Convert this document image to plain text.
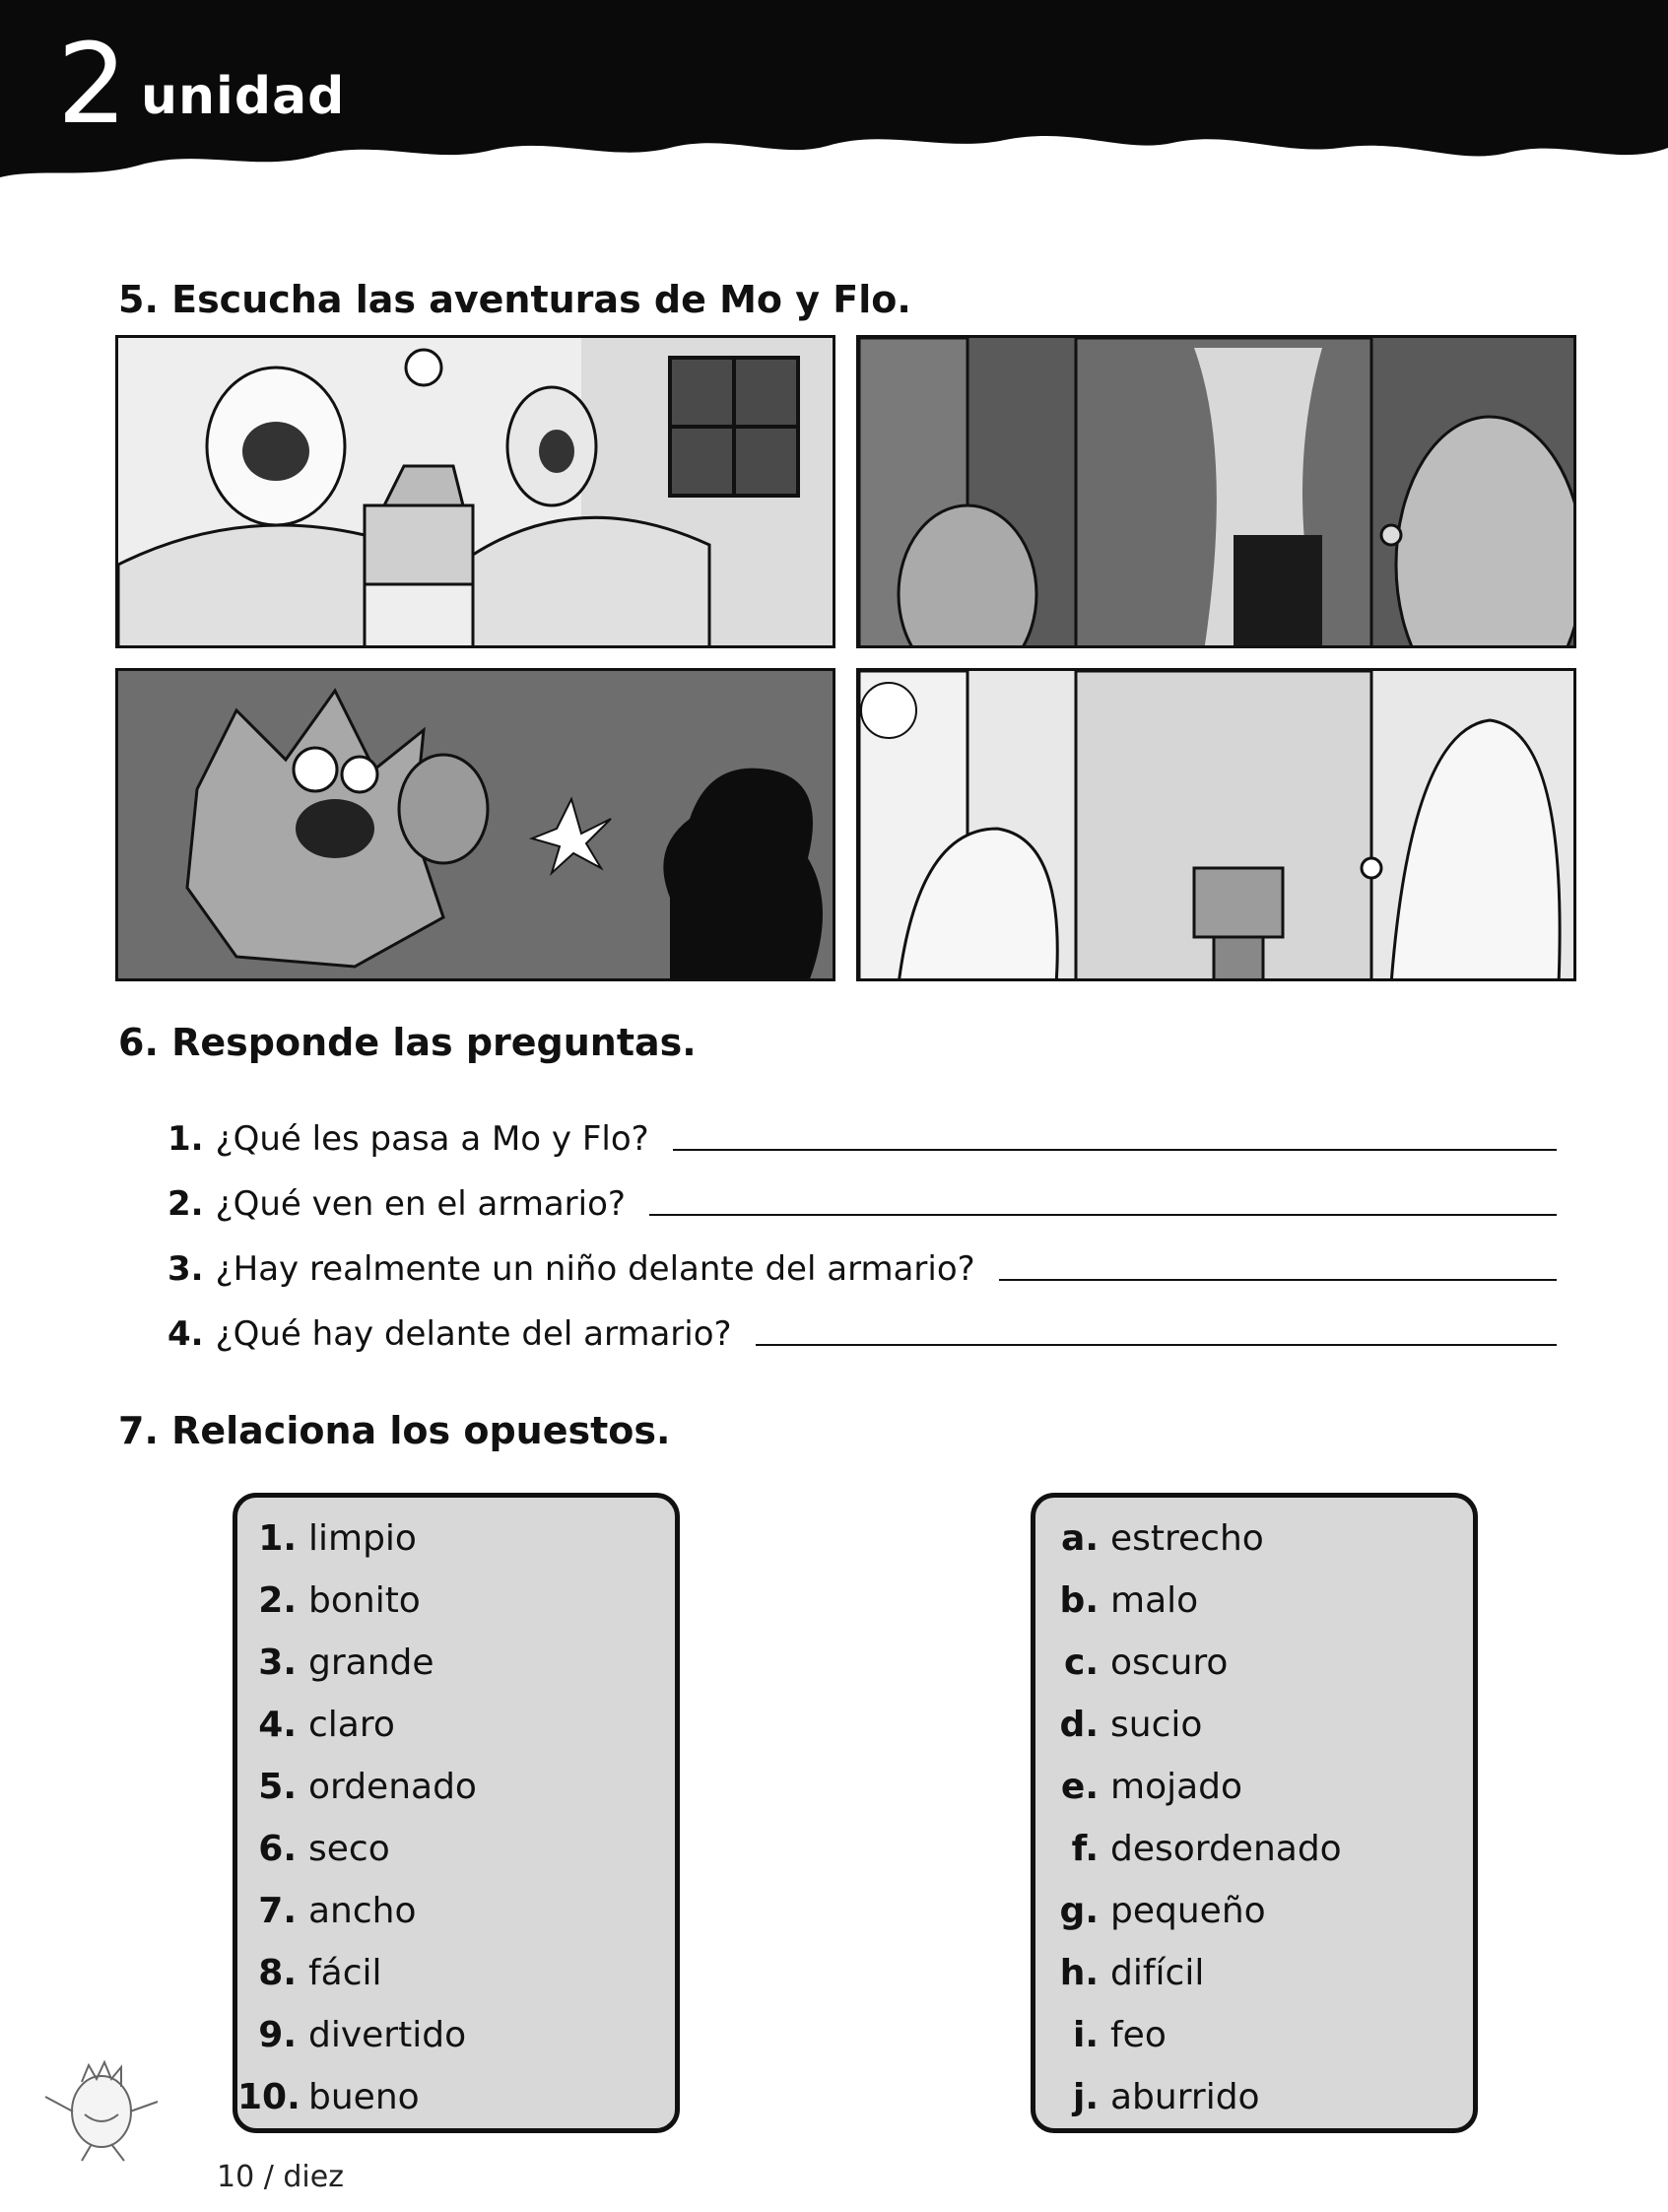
2 unidad
5. Escucha las aventuras de Mo y Flo.
6. Responde las preguntas.
1. ¿Qué les pasa a Mo y Flo?
2. ¿Qué ven en el armario?
3. ¿Hay realmente un niño delante del armario?
4. ¿Qué hay delante del armario?
7. Relaciona los opuestos.
1. limpio
2. bonito
3. grande
4. claro
5. ordenado
6. seco
7. ancho
8. fácil
9. divertido
10. bueno
a. estrecho
b. malo
c. oscuro
d. sucio
e. mojado
f. desordenado
g. pequeño
h. difícil
i. feo
j. aburrido
10 / diez
